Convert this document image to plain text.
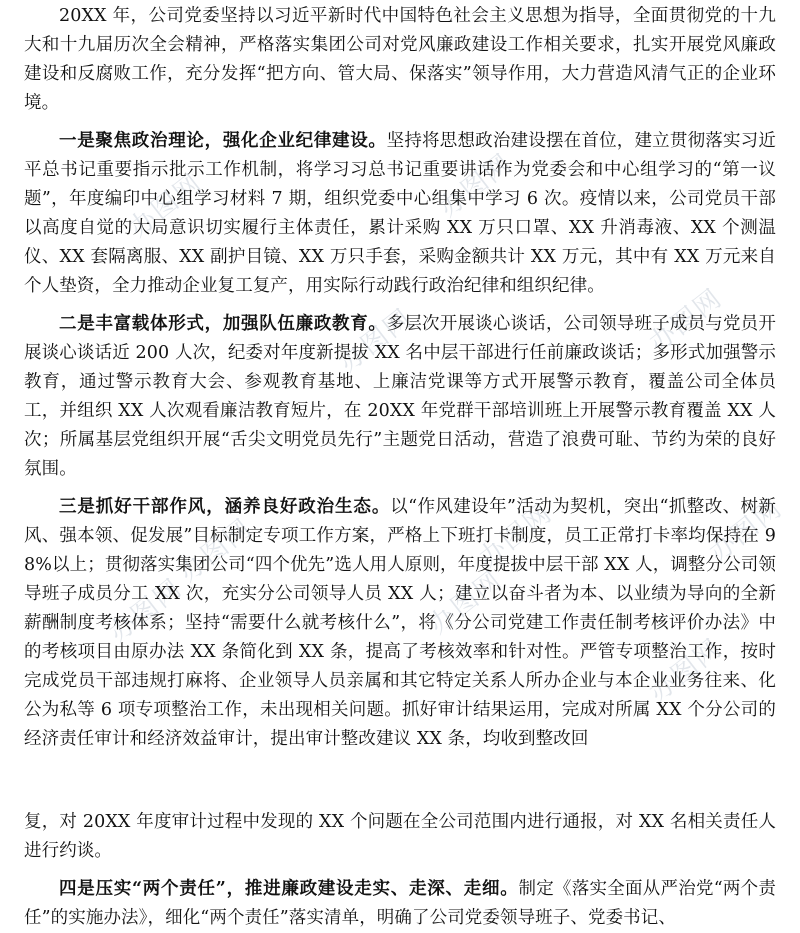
办图网	办图网
办图网	办图网
办图网	办图网	办图网
办图网	办图网
办图网

20XX 年，公司党委坚持以习近平新时代中国特色社会主义思想为指导，全面贯彻党的十九大和十九届历次全会精神，严格落实集团公司对党风廉政建设工作相关要求，扎实开展党风廉政建设和反腐败工作，充分发挥“把方向、管大局、保落实”领导作用，大力营造风清气正的企业环境。

一是聚焦政治理论，强化企业纪律建设。坚持将思想政治建设摆在首位，建立贯彻落实习近平总书记重要指示批示工作机制，将学习习总书记重要讲话作为党委会和中心组学习的“第一议题”，年度编印中心组学习材料 7 期，组织党委中心组集中学习 6 次。疫情以来，公司党员干部以高度自觉的大局意识切实履行主体责任，累计采购 XX 万只口罩、XX 升消毒液、XX 个测温仪、XX 套隔离服、XX 副护目镜、XX 万只手套，采购金额共计 XX 万元，其中有 XX 万元来自个人垫资，全力推动企业复工复产，用实际行动践行政治纪律和组织纪律。

二是丰富载体形式，加强队伍廉政教育。多层次开展谈心谈话，公司领导班子成员与党员开展谈心谈话近 200 人次，纪委对年度新提拔 XX 名中层干部进行任前廉政谈话；多形式加强警示教育，通过警示教育大会、参观教育基地、上廉洁党课等方式开展警示教育，覆盖公司全体员工，并组织 XX 人次观看廉洁教育短片，在 20XX 年党群干部培训班上开展警示教育覆盖 XX 人次；所属基层党组织开展“舌尖文明党员先行”主题党日活动，营造了浪费可耻、节约为荣的良好氛围。

三是抓好干部作风，涵养良好政治生态。以“作风建设年”活动为契机，突出“抓整改、树新风、强本领、促发展”目标制定专项工作方案，严格上下班打卡制度，员工正常打卡率均保持在 98%以上；贯彻落实集团公司“四个优先”选人用人原则，年度提拔中层干部 XX 人，调整分公司领导班子成员分工 XX 次，充实分公司领导人员 XX 人；建立以奋斗者为本、以业绩为导向的全新薪酬制度考核体系；坚持“需要什么就考核什么”，将《分公司党建工作责任制考核评价办法》中的考核项目由原办法 XX 条简化到 XX 条，提高了考核效率和针对性。严管专项整治工作，按时完成党员干部违规打麻将、企业领导人员亲属和其它特定关系人所办企业与本企业业务往来、化公为私等 6 项专项整治工作，未出现相关问题。抓好审计结果运用，完成对所属 XX 个分公司的经济责任审计和经济效益审计，提出审计整改建议 XX 条，均收到整改回

复，对 20XX 年度审计过程中发现的 XX 个问题在全公司范围内进行通报，对 XX 名相关责任人进行约谈。

四是压实“两个责任”，推进廉政建设走实、走深、走细。制定《落实全面从严治党“两个责任”的实施办法》，细化“两个责任”落实清单，明确了公司党委领导班子、党委书记、
